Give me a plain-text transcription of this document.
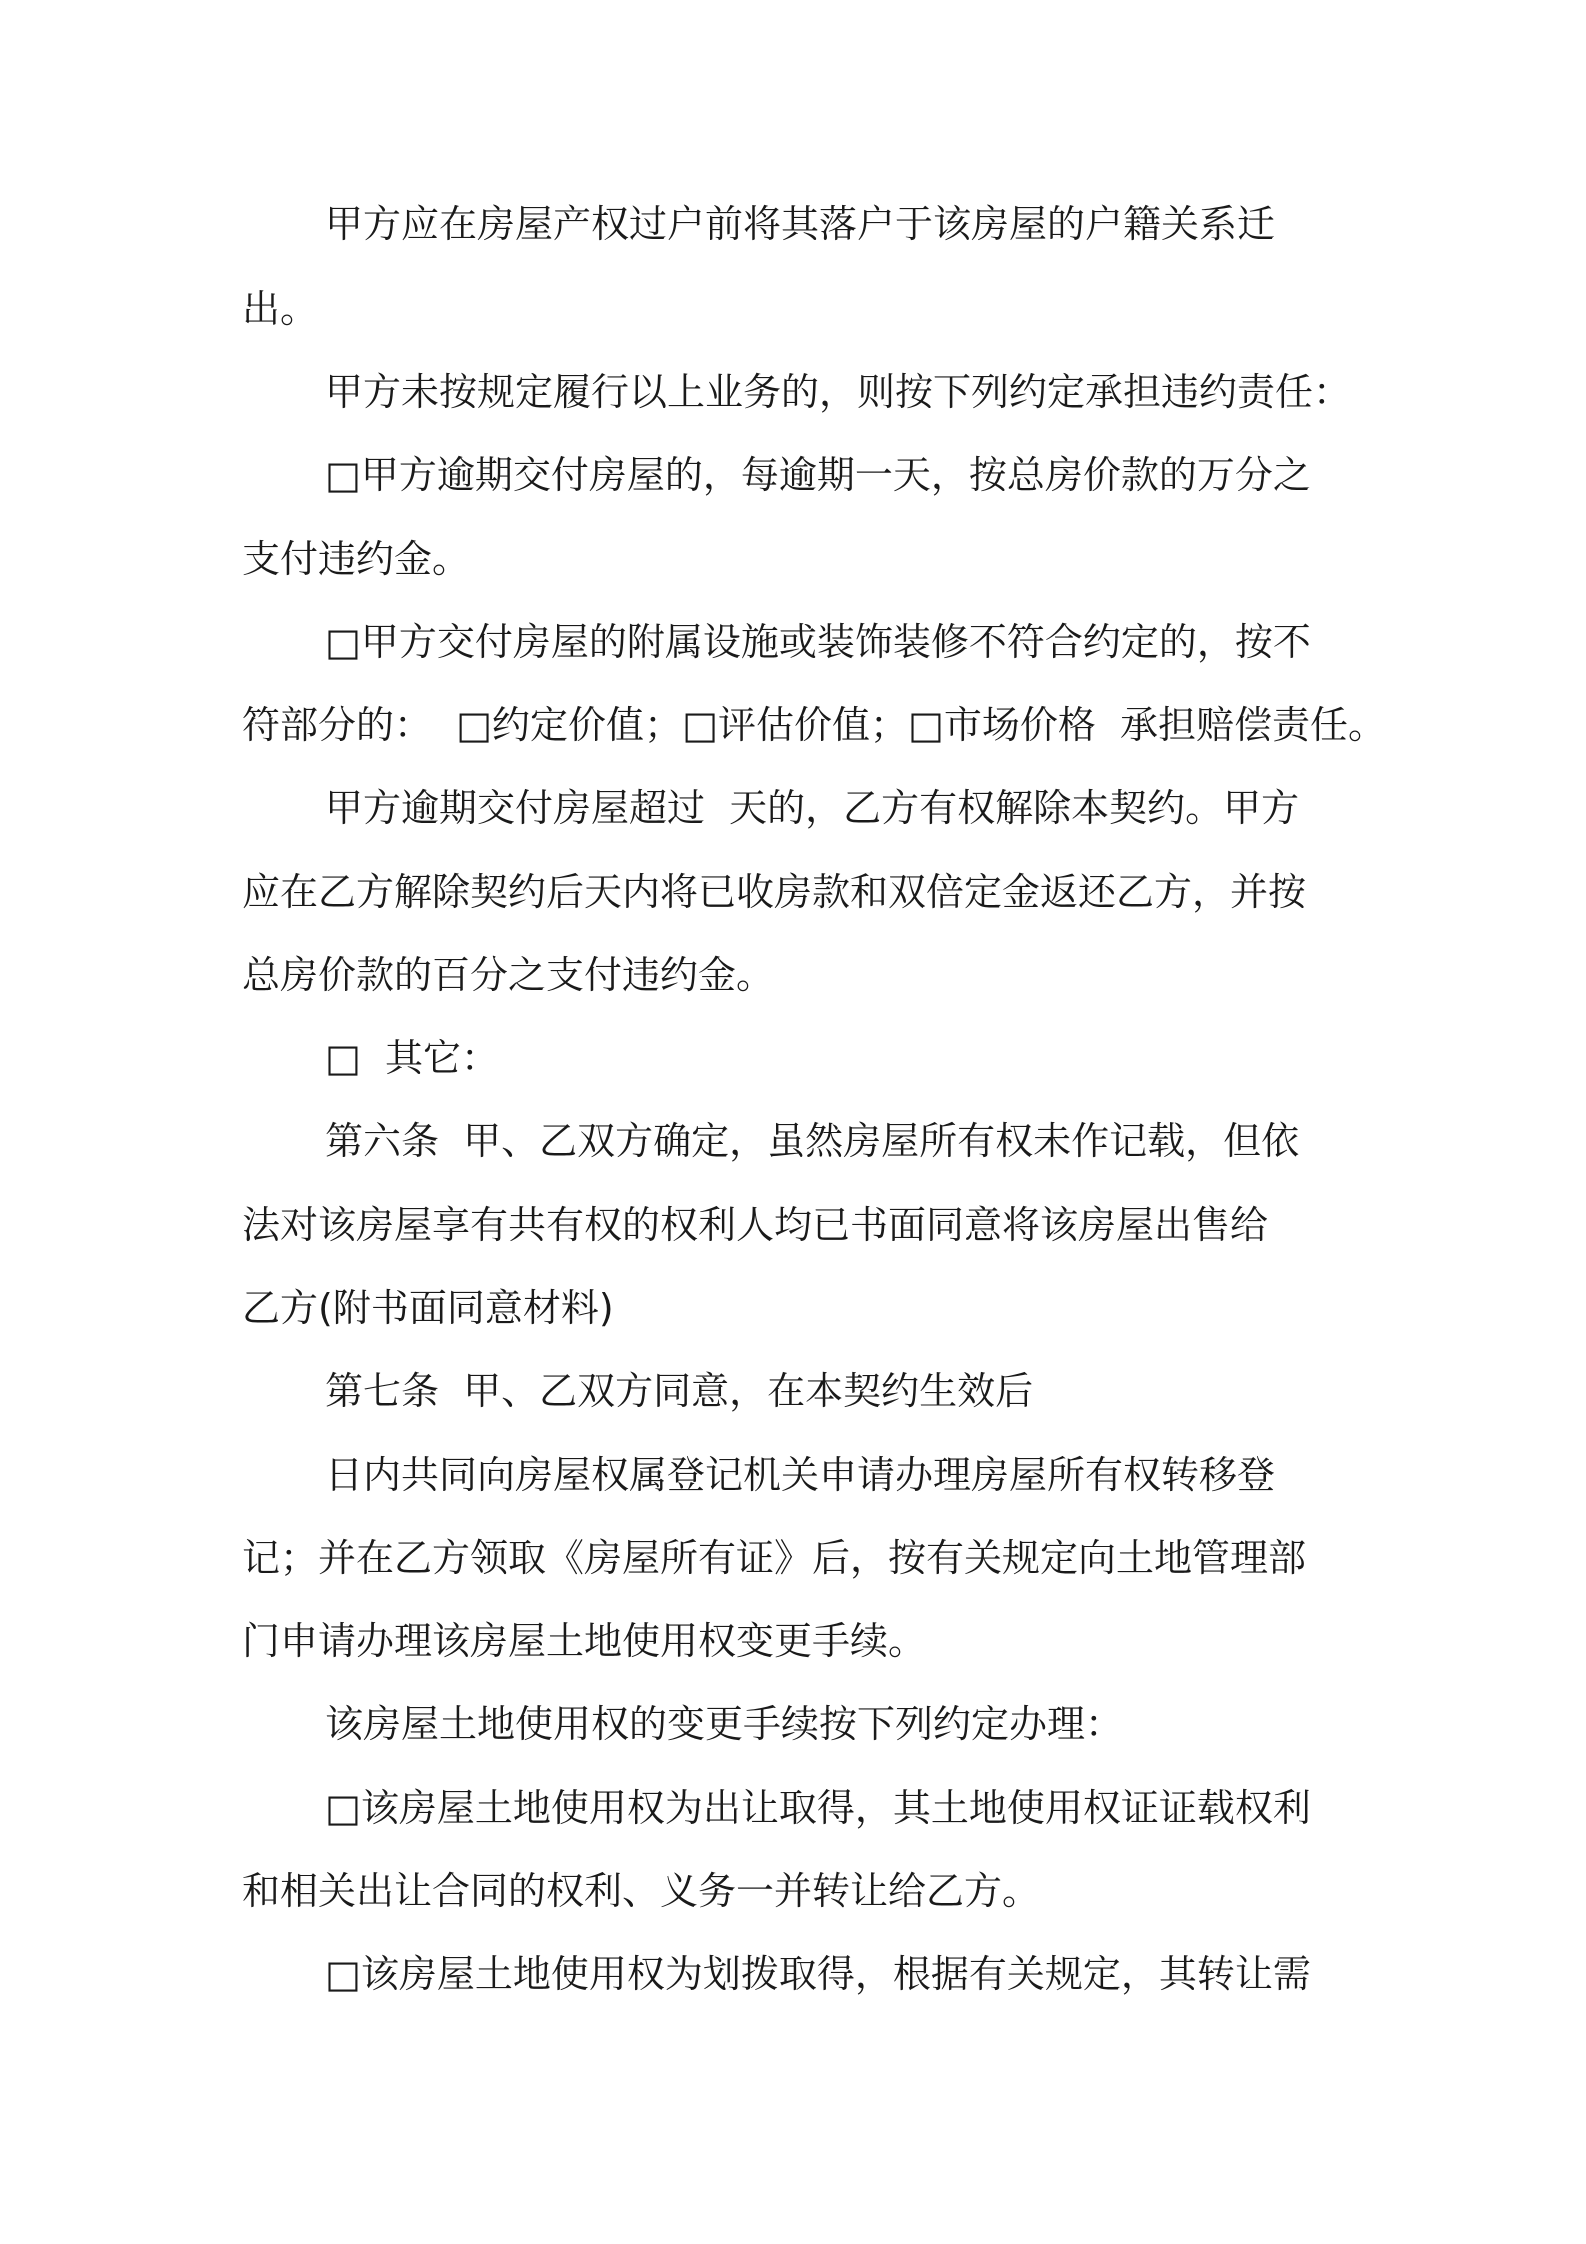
甲方应在房屋产权过户前将其落户于该房屋的户籍关系迁
出。
甲方未按规定履行以上业务的，则按下列约定承担违约责任：
□甲方逾期交付房屋的，每逾期一天，按总房价款的万分之
支付违约金。
□甲方交付房屋的附属设施或装饰装修不符合约定的，按不
符部分的：  □约定价值；□评估价值；□市场价格  承担赔偿责任。
甲方逾期交付房屋超过  天的，乙方有权解除本契约。甲方
应在乙方解除契约后天内将已收房款和双倍定金返还乙方，并按
总房价款的百分之支付违约金。
□  其它：
第六条  甲、乙双方确定，虽然房屋所有权未作记载，但依
法对该房屋享有共有权的权利人均已书面同意将该房屋出售给
乙方(附书面同意材料)
第七条  甲、乙双方同意，在本契约生效后
日内共同向房屋权属登记机关申请办理房屋所有权转移登
记；并在乙方领取《房屋所有证》后，按有关规定向土地管理部
门申请办理该房屋土地使用权变更手续。
该房屋土地使用权的变更手续按下列约定办理：
□该房屋土地使用权为出让取得，其土地使用权证证载权利
和相关出让合同的权利、义务一并转让给乙方。
□该房屋土地使用权为划拨取得，根据有关规定，其转让需
